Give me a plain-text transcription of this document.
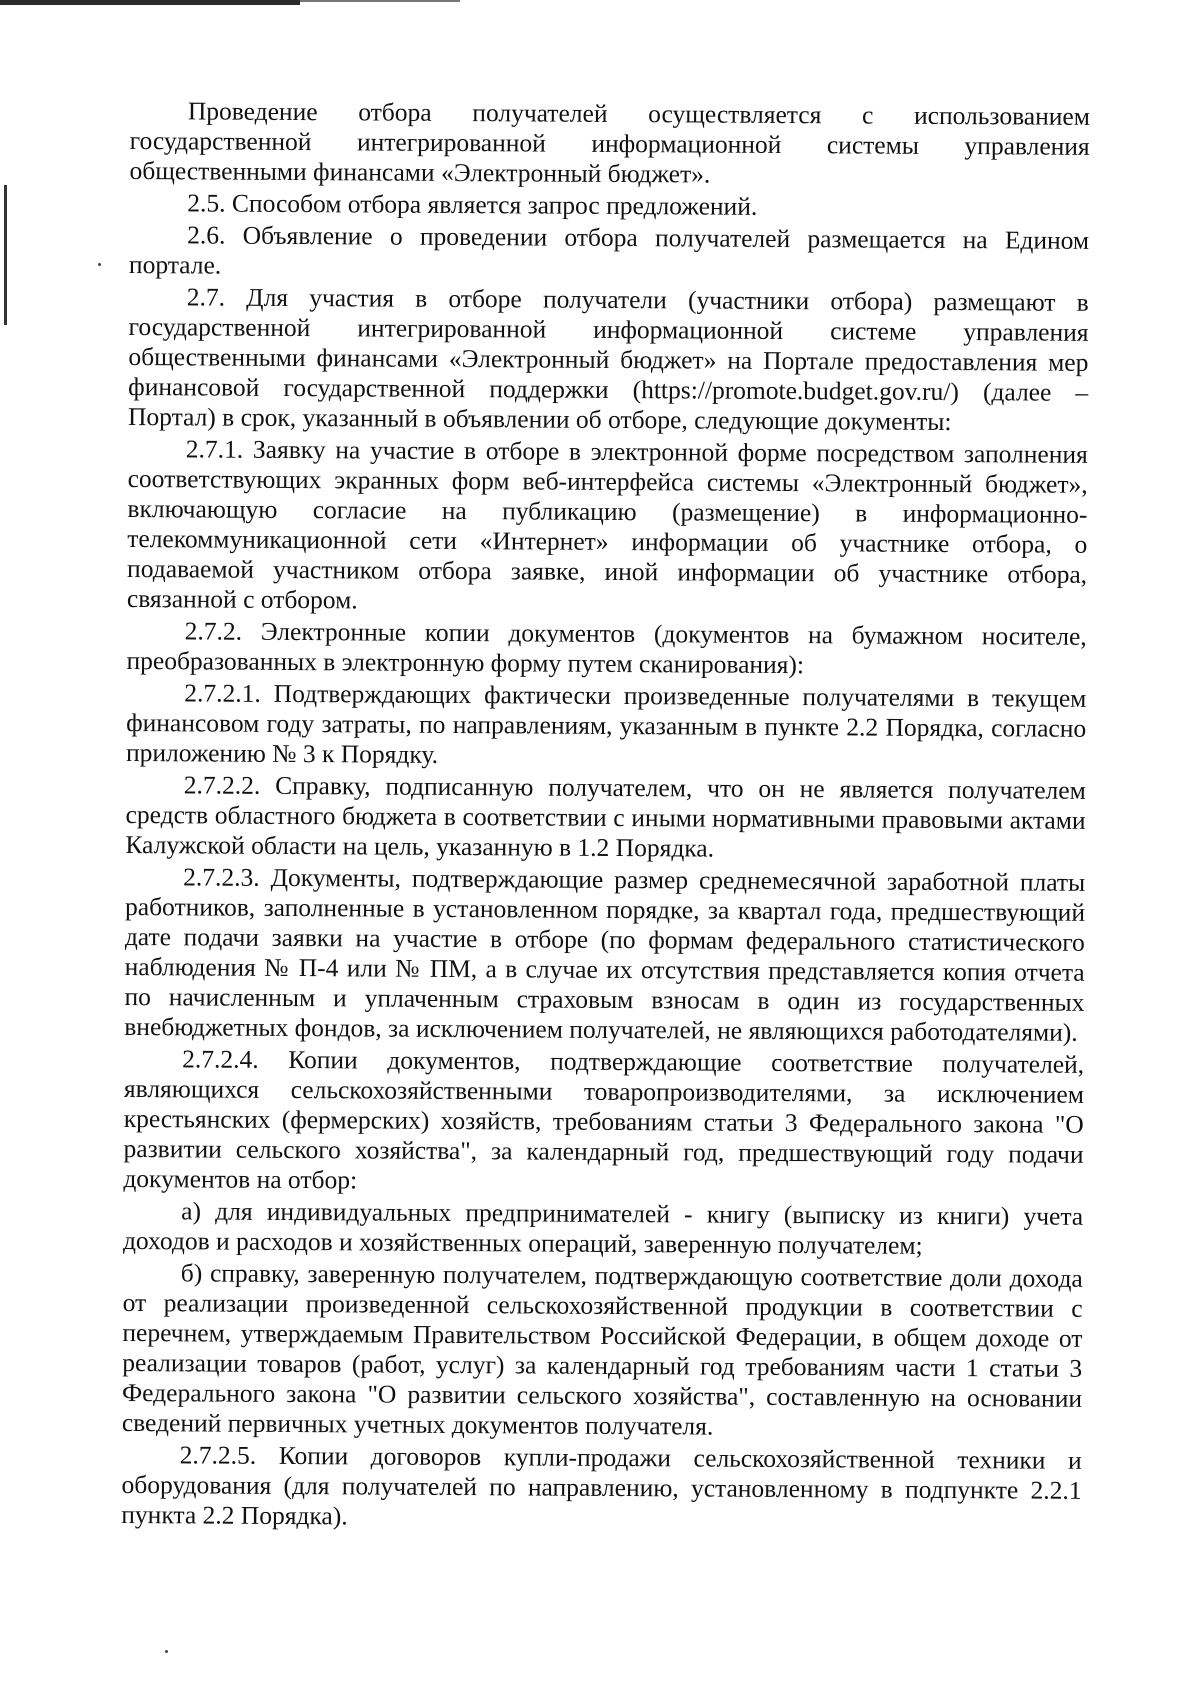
Проведение отбора получателей осуществляется с использованием государственной интегрированной информационной системы управления общественными финансами «Электронный бюджет».

2.5. Способом отбора является запрос предложений.

2.6. Объявление о проведении отбора получателей размещается на Едином портале.

2.7. Для участия в отборе получатели (участники отбора) размещают в государственной интегрированной информационной системе управления общественными финансами «Электронный бюджет» на Портале предоставления мер финансовой государственной поддержки (https://promote.budget.gov.ru/) (далее – Портал) в срок, указанный в объявлении об отборе, следующие документы:

2.7.1. Заявку на участие в отборе в электронной форме посредством заполнения соответствующих экранных форм веб-интерфейса системы «Электронный бюджет», включающую согласие на публикацию (размещение) в информационно-телекоммуникационной сети «Интернет» информации об участнике отбора, о подаваемой участником отбора заявке, иной информации об участнике отбора, связанной с отбором.

2.7.2. Электронные копии документов (документов на бумажном носителе, преобразованных в электронную форму путем сканирования):

2.7.2.1. Подтверждающих фактически произведенные получателями в текущем финансовом году затраты, по направлениям, указанным в пункте 2.2 Порядка, согласно приложению № 3 к Порядку.

2.7.2.2. Справку, подписанную получателем, что он не является получателем средств областного бюджета в соответствии с иными нормативными правовыми актами Калужской области на цель, указанную в 1.2 Порядка.

2.7.2.3. Документы, подтверждающие размер среднемесячной заработной платы работников, заполненные в установленном порядке, за квартал года, предшествующий дате подачи заявки на участие в отборе (по формам федерального статистического наблюдения № П-4 или № ПМ, а в случае их отсутствия представляется копия отчета по начисленным и уплаченным страховым взносам в один из государственных внебюджетных фондов, за исключением получателей, не являющихся работодателями).

2.7.2.4. Копии документов, подтверждающие соответствие получателей, являющихся сельскохозяйственными товаропроизводителями, за исключением крестьянских (фермерских) хозяйств, требованиям статьи 3 Федерального закона "О развитии сельского хозяйства", за календарный год, предшествующий году подачи документов на отбор:

а) для индивидуальных предпринимателей - книгу (выписку из книги) учета доходов и расходов и хозяйственных операций, заверенную получателем;

б) справку, заверенную получателем, подтверждающую соответствие доли дохода от реализации произведенной сельскохозяйственной продукции в соответствии с перечнем, утверждаемым Правительством Российской Федерации, в общем доходе от реализации товаров (работ, услуг) за календарный год требованиям части 1 статьи 3 Федерального закона "О развитии сельского хозяйства", составленную на основании сведений первичных учетных документов получателя.

2.7.2.5. Копии договоров купли-продажи сельскохозяйственной техники и оборудования (для получателей по направлению, установленному в подпункте 2.2.1 пункта 2.2 Порядка).
